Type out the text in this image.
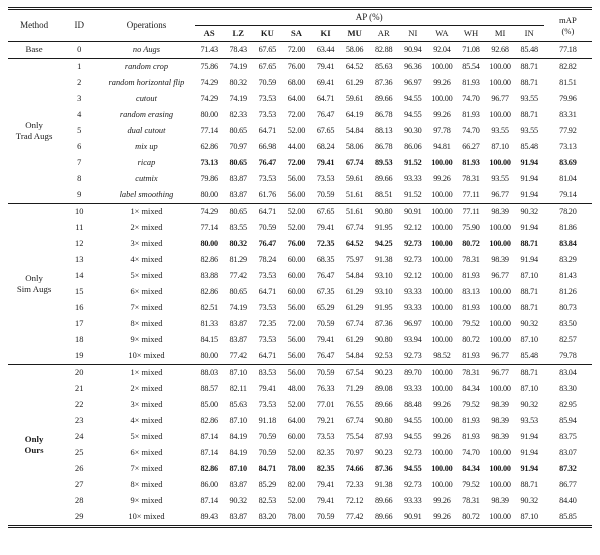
Method	ID	Operations	AP (%)												mAP
(%)
			AS	LZ	KU	SA	KI	MU	AR	NI	WA	WH	MI	IN	
Base	0	no Augs	71.43	78.43	67.65	72.00	63.44	58.06	82.88	90.94	92.04	71.08	92.68	85.48	77.18
Only
Trad Augs	1	random crop	75.86	74.19	67.65	76.00	79.41	64.52	85.63	96.36	100.00	85.54	100.00	88.71	82.82
	2	random horizontal flip	74.29	80.32	70.59	68.00	69.41	61.29	87.36	96.97	99.26	81.93	100.00	88.71	81.51
	3	cutout	74.29	74.19	73.53	64.00	64.71	59.61	89.66	94.55	100.00	74.70	96.77	93.55	79.96
	4	random erasing	80.00	82.33	73.53	72.00	76.47	64.19	86.78	94.55	99.26	81.93	100.00	88.71	83.31
	5	dual cutout	77.14	80.65	64.71	52.00	67.65	54.84	88.13	90.30	97.78	74.70	93.55	93.55	77.92
	6	mix up	62.86	70.97	66.98	44.00	68.24	58.06	86.78	86.06	94.81	66.27	87.10	85.48	73.13
	7	ricap	73.13	80.65	76.47	72.00	79.41	67.74	89.53	91.52	100.00	81.93	100.00	91.94	83.69
	8	cutmix	79.86	83.87	73.53	56.00	73.53	59.61	89.66	93.33	99.26	78.31	93.55	91.94	81.04
	9	label smoothing	80.00	83.87	61.76	56.00	70.59	51.61	88.51	91.52	100.00	77.11	96.77	91.94	79.14
Only
Sim Augs	10	1× mixed	74.29	80.65	64.71	52.00	67.65	51.61	90.80	90.91	100.00	77.11	98.39	90.32	78.20
	11	2× mixed	77.14	83.55	70.59	52.00	79.41	67.74	91.95	92.12	100.00	75.90	100.00	91.94	81.86
	12	3× mixed	80.00	80.32	76.47	76.00	72.35	64.52	94.25	92.73	100.00	80.72	100.00	88.71	83.84
	13	4× mixed	82.86	81.29	78.24	60.00	68.35	75.97	91.38	92.73	100.00	78.31	98.39	91.94	83.29
	14	5× mixed	83.88	77.42	73.53	60.00	76.47	54.84	93.10	92.12	100.00	81.93	96.77	87.10	81.43
	15	6× mixed	82.86	80.65	64.71	60.00	67.35	61.29	93.10	93.33	100.00	83.13	100.00	88.71	81.26
	16	7× mixed	82.51	74.19	73.53	56.00	65.29	61.29	91.95	93.33	100.00	81.93	100.00	88.71	80.73
	17	8× mixed	81.33	83.87	72.35	72.00	70.59	67.74	87.36	96.97	100.00	79.52	100.00	90.32	83.50
	18	9× mixed	84.15	83.87	73.53	56.00	79.41	61.29	90.80	93.94	100.00	80.72	100.00	87.10	82.57
	19	10× mixed	80.00	77.42	64.71	56.00	76.47	54.84	92.53	92.73	98.52	81.93	96.77	85.48	79.78
Only
Ours	20	1× mixed	88.03	87.10	83.53	56.00	70.59	67.54	90.23	89.70	100.00	78.31	96.77	88.71	83.04
	21	2× mixed	88.57	82.11	79.41	48.00	76.33	71.29	89.08	93.33	100.00	84.34	100.00	87.10	83.30
	22	3× mixed	85.00	85.63	73.53	52.00	77.01	76.55	89.66	88.48	99.26	79.52	98.39	90.32	82.95
	23	4× mixed	82.86	87.10	91.18	64.00	79.21	67.74	90.80	94.55	100.00	81.93	98.39	93.53	85.94
	24	5× mixed	87.14	84.19	70.59	60.00	73.53	75.54	87.93	94.55	99.26	81.93	98.39	91.94	83.75
	25	6× mixed	87.14	84.19	70.59	52.00	82.35	70.97	90.23	92.73	100.00	74.70	100.00	91.94	83.07
	26	7× mixed	82.86	87.10	84.71	78.00	82.35	74.66	87.36	94.55	100.00	84.34	100.00	91.94	87.32
	27	8× mixed	86.00	83.87	85.29	82.00	79.41	72.33	91.38	92.73	100.00	79.52	100.00	88.71	86.77
	28	9× mixed	87.14	90.32	82.53	52.00	79.41	72.12	89.66	93.33	99.26	78.31	98.39	90.32	84.40
	29	10× mixed	89.43	83.87	83.20	78.00	70.59	77.42	89.66	90.91	99.26	80.72	100.00	87.10	85.85
